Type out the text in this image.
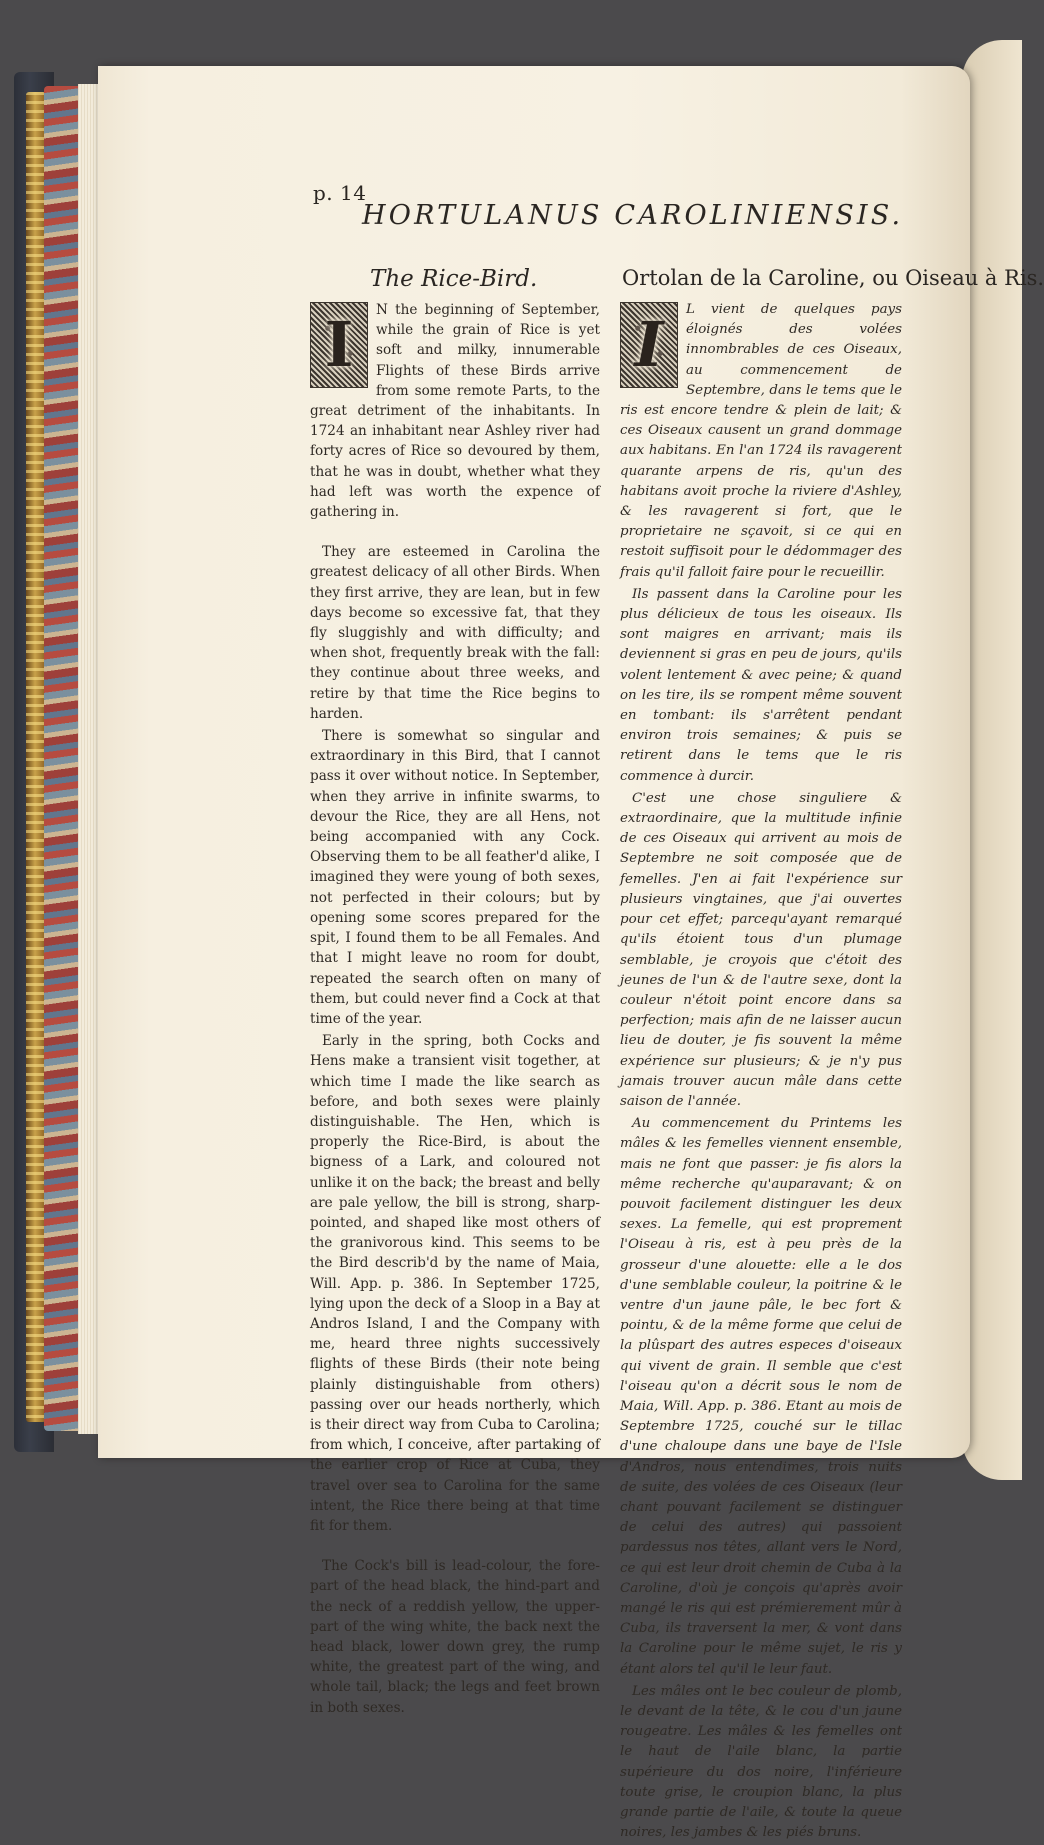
p. 14
HORTULANUS CAROLINIENSIS.
The Rice-Bird.	Ortolan de la Caroline, ou Oiseau à Ris.

I	N the beginning of September, while the grain of Rice is yet soft and milky, innumerable Flights of these Birds arrive from some remote Parts, to the great detriment of the inhabitants. In 1724 an inhabitant near Ashley river had forty acres of Rice so devoured by them, that he was in doubt, whether what they had left was worth the expence of gathering in.

They are esteemed in Carolina the greatest delicacy of all other Birds. When they first arrive, they are lean, but in few days become so excessive fat, that they fly sluggishly and with difficulty; and when shot, frequently break with the fall: they continue about three weeks, and retire by that time the Rice begins to harden.

There is somewhat so singular and extraordinary in this Bird, that I cannot pass it over without notice. In September, when they arrive in infinite swarms, to devour the Rice, they are all Hens, not being accompanied with any Cock. Observing them to be all feather'd alike, I imagined they were young of both sexes, not perfected in their colours; but by opening some scores prepared for the spit, I found them to be all Females. And that I might leave no room for doubt, repeated the search often on many of them, but could never find a Cock at that time of the year.

Early in the spring, both Cocks and Hens make a transient visit together, at which time I made the like search as before, and both sexes were plainly distinguishable. The Hen, which is properly the Rice-Bird, is about the bigness of a Lark, and coloured not unlike it on the back; the breast and belly are pale yellow, the bill is strong, sharp-pointed, and shaped like most others of the granivorous kind. This seems to be the Bird describ'd by the name of Maia, Will. App. p. 386. In September 1725, lying upon the deck of a Sloop in a Bay at Andros Island, I and the Company with me, heard three nights successively flights of these Birds (their note being plainly distinguishable from others) passing over our heads northerly, which is their direct way from Cuba to Carolina; from which, I conceive, after partaking of the earlier crop of Rice at Cuba, they travel over sea to Carolina for the same intent, the Rice there being at that time fit for them.

The Cock's bill is lead-colour, the fore-part of the head black, the hind-part and the neck of a reddish yellow, the upper-part of the wing white, the back next the head black, lower down grey, the rump white, the greatest part of the wing, and whole tail, black; the legs and feet brown in both sexes.

I	L vient de quelques pays éloignés des volées innombrables de ces Oiseaux, au commencement de Septembre, dans le tems que le ris est encore tendre & plein de lait; & ces Oiseaux causent un grand dommage aux habitans. En l'an 1724 ils ravagerent quarante arpens de ris, qu'un des habitans avoit proche la riviere d'Ashley, & les ravagerent si fort, que le proprietaire ne sçavoit, si ce qui en restoit suffisoit pour le dédommager des frais qu'il falloit faire pour le recueillir.

Ils passent dans la Caroline pour les plus délicieux de tous les oiseaux. Ils sont maigres en arrivant; mais ils deviennent si gras en peu de jours, qu'ils volent lentement & avec peine; & quand on les tire, ils se rompent même souvent en tombant: ils s'arrêtent pendant environ trois semaines; & puis se retirent dans le tems que le ris commence à durcir.

C'est une chose singuliere & extraordinaire, que la multitude infinie de ces Oiseaux qui arrivent au mois de Septembre ne soit composée que de femelles. J'en ai fait l'expérience sur plusieurs vingtaines, que j'ai ouvertes pour cet effet; parcequ'ayant remarqué qu'ils étoient tous d'un plumage semblable, je croyois que c'étoit des jeunes de l'un & de l'autre sexe, dont la couleur n'étoit point encore dans sa perfection; mais afin de ne laisser aucun lieu de douter, je fis souvent la même expérience sur plusieurs; & je n'y pus jamais trouver aucun mâle dans cette saison de l'année.

Au commencement du Printems les mâles & les femelles viennent ensemble, mais ne font que passer: je fis alors la même recherche qu'auparavant; & on pouvoit facilement distinguer les deux sexes. La femelle, qui est proprement l'Oiseau à ris, est à peu près de la grosseur d'une alouette: elle a le dos d'une semblable couleur, la poitrine & le ventre d'un jaune pâle, le bec fort & pointu, & de la même forme que celui de la plûspart des autres especes d'oiseaux qui vivent de grain. Il semble que c'est l'oiseau qu'on a décrit sous le nom de Maia, Will. App. p. 386. Etant au mois de Septembre 1725, couché sur le tillac d'une chaloupe dans une baye de l'Isle d'Andros, nous entendimes, trois nuits de suite, des volées de ces Oiseaux (leur chant pouvant facilement se distinguer de celui des autres) qui passoient pardessus nos têtes, allant vers le Nord, ce qui est leur droit chemin de Cuba à la Caroline, d'où je conçois qu'après avoir mangé le ris qui est prémierement mûr à Cuba, ils traversent la mer, & vont dans la Caroline pour le même sujet, le ris y étant alors tel qu'il le leur faut.

Les mâles ont le bec couleur de plomb, le devant de la tête, & le cou d'un jaune rougeatre. Les mâles & les femelles ont le haut de l'aile blanc, la partie supérieure du dos noire, l'inférieure toute grise, le croupion blanc, la plus grande partie de l'aile, & toute la queue noires, les jambes & les piés bruns.
